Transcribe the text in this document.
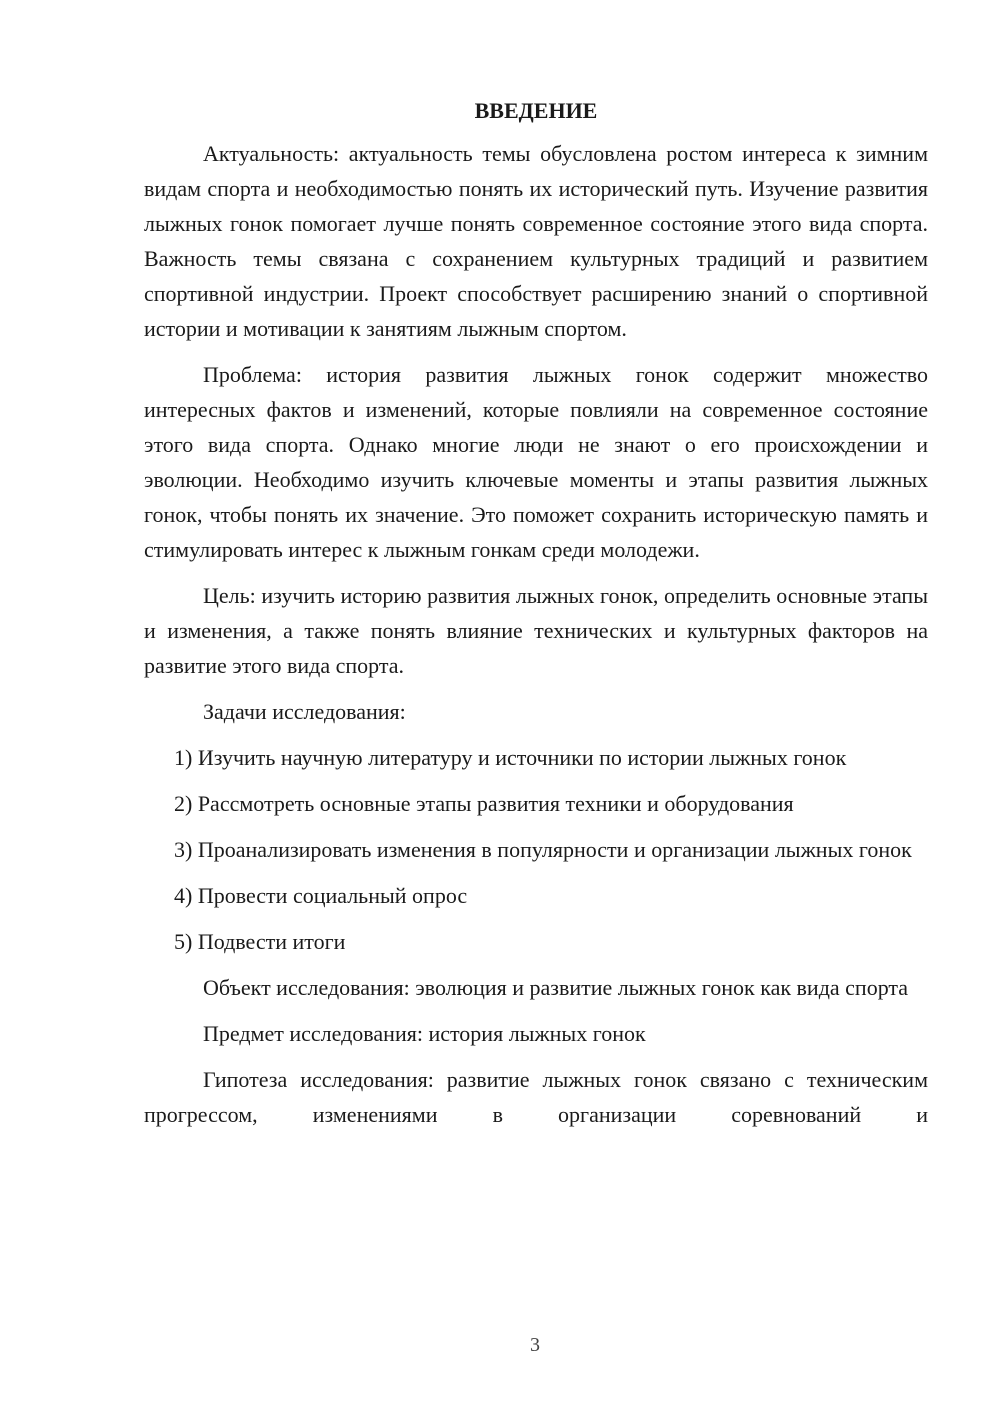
ВВЕДЕНИЕ

Актуальность: актуальность темы обусловлена ростом интереса к зимним видам спорта и необходимостью понять их исторический путь. Изучение развития лыжных гонок помогает лучше понять современное состояние этого вида спорта. Важность темы связана с сохранением культурных традиций и развитием спортивной индустрии. Проект способствует расширению знаний о спортивной истории и мотивации к занятиям лыжным спортом.

Проблема: история развития лыжных гонок содержит множество интересных фактов и изменений, которые повлияли на современное состояние этого вида спорта. Однако многие люди не знают о его происхождении и эволюции. Необходимо изучить ключевые моменты и этапы развития лыжных гонок, чтобы понять их значение. Это поможет сохранить историческую память и стимулировать интерес к лыжным гонкам среди молодежи.

Цель: изучить историю развития лыжных гонок, определить основные этапы и изменения, а также понять влияние технических и культурных факторов на развитие этого вида спорта.

Задачи исследования:

1) Изучить научную литературу и источники по истории лыжных гонок

2) Рассмотреть основные этапы развития техники и оборудования

3) Проанализировать изменения в популярности и организации лыжных гонок

4) Провести социальный опрос

5) Подвести итоги

Объект исследования: эволюция и развитие лыжных гонок как вида спорта

Предмет исследования: история лыжных гонок

Гипотеза исследования: развитие лыжных гонок связано с техническим прогрессом, изменениями в организации соревнований и

3
